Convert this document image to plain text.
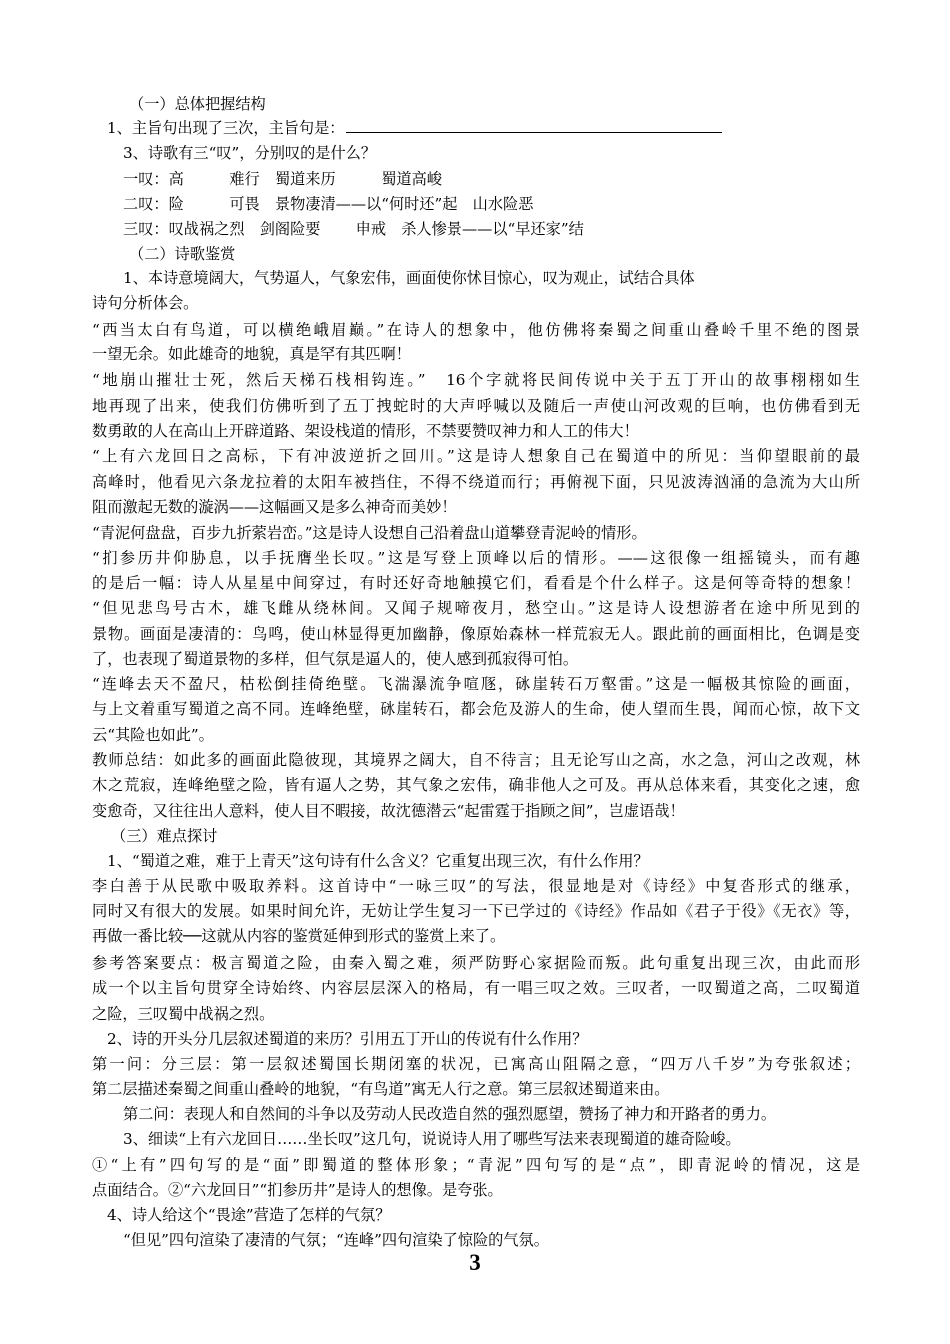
（一）总体把握结构
1、主旨句出现了三次，主旨句是：
3、诗歌有三“叹”，分别叹的是什么？
一叹：高　　　难行　蜀道来历　　　蜀道高峻
二叹：险　　　可畏　景物凄清——以“何时还”起　山水险恶
三叹：叹战祸之烈　剑阁险要　　 申戒　杀人惨景——以“早还家”结
（二）诗歌鉴赏
1、本诗意境阔大，气势逼人，气象宏伟，画面使你怵目惊心，叹为观止，试结合具体
诗句分析体会。
“西当太白有鸟道，可以横绝峨眉巅。”在诗人的想象中，他仿佛将秦蜀之间重山叠岭千里不绝的图景
一望无余。如此雄奇的地貌，真是罕有其匹啊！
“地崩山摧壮士死，然后天梯石栈相钩连。”　16个字就将民间传说中关于五丁开山的故事栩栩如生
地再现了出来，使我们仿佛听到了五丁拽蛇时的大声呼喊以及随后一声使山河改观的巨响，也仿佛看到无
数勇敢的人在高山上开辟道路、架设栈道的情形，不禁要赞叹神力和人工的伟大！
“上有六龙回日之高标，下有冲波逆折之回川。”这是诗人想象自己在蜀道中的所见：当仰望眼前的最
高峰时，他看见六条龙拉着的太阳车被挡住，不得不绕道而行；再俯视下面，只见波涛汹涌的急流为大山所
阻而激起无数的漩涡——这幅画又是多么神奇而美妙！
“青泥何盘盘，百步九折萦岩峦。”这是诗人设想自己沿着盘山道攀登青泥岭的情形。
“扪参历井仰胁息，以手抚膺坐长叹。”这是写登上顶峰以后的情形。——这很像一组摇镜头，而有趣
的是后一幅：诗人从星星中间穿过，有时还好奇地触摸它们，看看是个什么样子。这是何等奇特的想象！
“但见悲鸟号古木，雄飞雌从绕林间。又闻子规啼夜月，愁空山。”这是诗人设想游者在途中所见到的
景物。画面是凄清的：鸟鸣，使山林显得更加幽静，像原始森林一样荒寂无人。跟此前的画面相比，色调是变
了，也表现了蜀道景物的多样，但气氛是逼人的，使人感到孤寂得可怕。
“连峰去天不盈尺，枯松倒挂倚绝壁。飞湍瀑流争喧豗，砯崖转石万壑雷。”这是一幅极其惊险的画面，
与上文着重写蜀道之高不同。连峰绝壁，砯崖转石，都会危及游人的生命，使人望而生畏，闻而心惊，故下文
云“其险也如此”。
教师总结：如此多的画面此隐彼现，其境界之阔大，自不待言；且无论写山之高，水之急，河山之改观，林
木之荒寂，连峰绝壁之险，皆有逼人之势，其气象之宏伟，确非他人之可及。再从总体来看，其变化之速，愈
变愈奇，又往往出人意料，使人目不暇接，故沈德潜云“起雷霆于指顾之间”，岂虚语哉！
（三）难点探讨
1、“蜀道之难，难于上青天”这句诗有什么含义？它重复出现三次，有什么作用？
李白善于从民歌中吸取养料。这首诗中“一咏三叹”的写法，很显地是对《诗经》中复沓形式的继承，
同时又有很大的发展。如果时间允许，无妨让学生复习一下已学过的《诗经》作品如《君子于役》《无衣》等，
再做一番比较──这就从内容的鉴赏延伸到形式的鉴赏上来了。
参考答案要点：极言蜀道之险，由秦入蜀之难，须严防野心家据险而叛。此句重复出现三次，由此而形
成一个以主旨句贯穿全诗始终、内容层层深入的格局，有一唱三叹之效。三叹者，一叹蜀道之高，二叹蜀道
之险，三叹蜀中战祸之烈。
2、诗的开头分几层叙述蜀道的来历？引用五丁开山的传说有什么作用？
第一问：分三层：第一层叙述蜀国长期闭塞的状况，已寓高山阻隔之意，“四万八千岁”为夸张叙述；
第二层描述秦蜀之间重山叠岭的地貌，“有鸟道”寓无人行之意。第三层叙述蜀道来由。
第二问：表现人和自然间的斗争以及劳动人民改造自然的强烈愿望，赞扬了神力和开路者的勇力。
3、细读“上有六龙回日……坐长叹”这几句，说说诗人用了哪些写法来表现蜀道的雄奇险峻。
①“上有”四句写的是“面”即蜀道的整体形象；“青泥”四句写的是“点”，即青泥岭的情况，这是
点面结合。②“六龙回日”“扪参历井”是诗人的想像。是夸张。
4、诗人给这个“畏途”营造了怎样的气氛？
“但见”四句渲染了凄清的气氛；“连峰”四句渲染了惊险的气氛。
3
